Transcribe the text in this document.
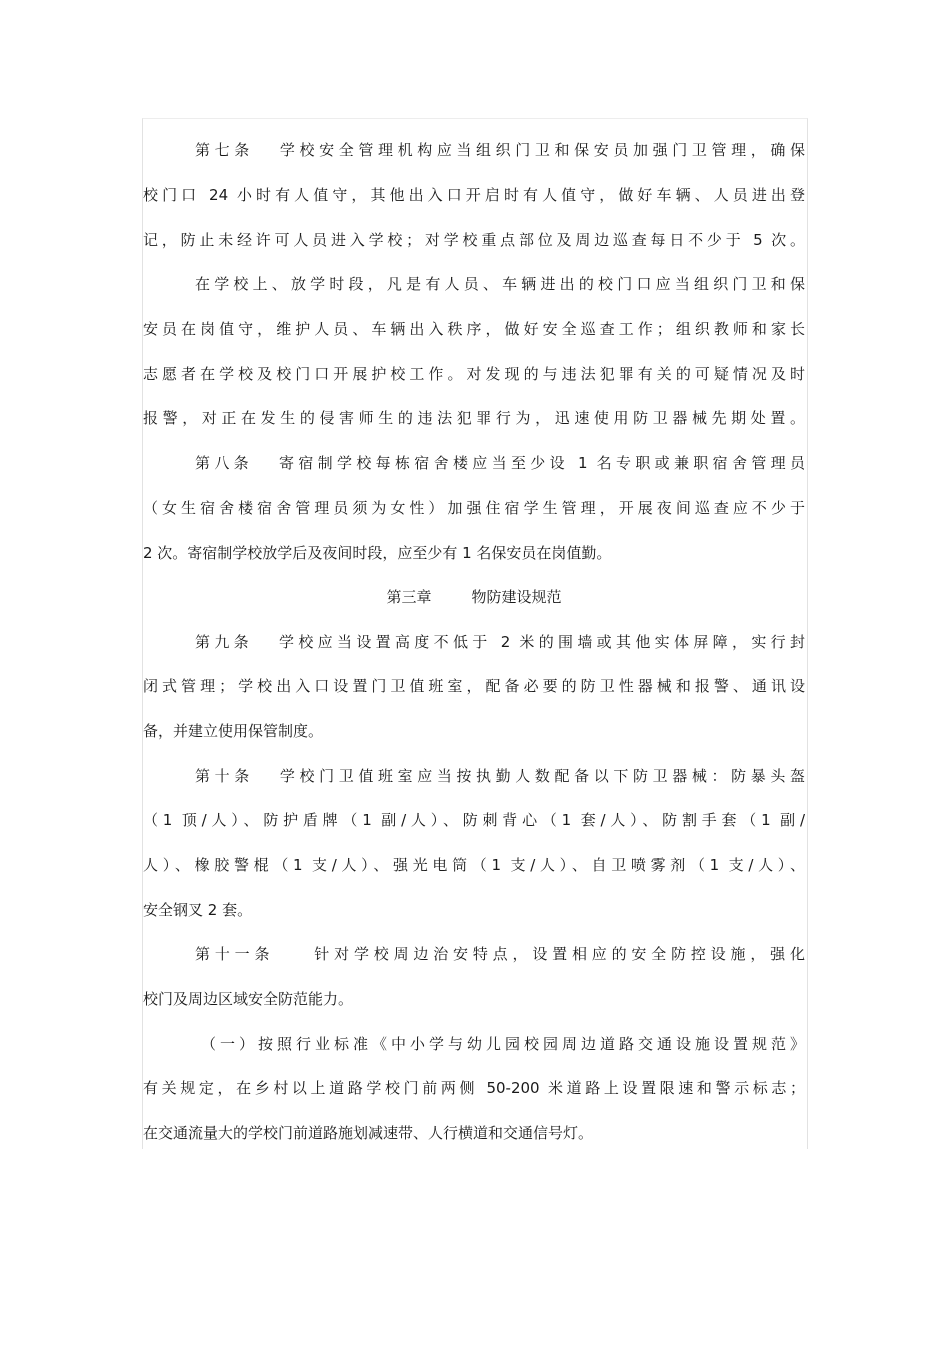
第七条 学校安全管理机构应当组织门卫和保安员加强门卫管理，确保
校门口 24 小时有人值守，其他出入口开启时有人值守，做好车辆、人员进出登
记，防止未经许可人员进入学校；对学校重点部位及周边巡查每日不少于 5 次。
在学校上、放学时段，凡是有人员、车辆进出的校门口应当组织门卫和保
安员在岗值守，维护人员、车辆出入秩序，做好安全巡查工作；组织教师和家长
志愿者在学校及校门口开展护校工作。对发现的与违法犯罪有关的可疑情况及时
报警，对正在发生的侵害师生的违法犯罪行为，迅速使用防卫器械先期处置。
第八条 寄宿制学校每栋宿舍楼应当至少设 1 名专职或兼职宿舍管理员
（女生宿舍楼宿舍管理员须为女性）加强住宿学生管理，开展夜间巡查应不少于
2 次。寄宿制学校放学后及夜间时段，应至少有 1 名保安员在岗值勤。
第三章	物防建设规范
第九条 学校应当设置高度不低于 2 米的围墙或其他实体屏障，实行封
闭式管理；学校出入口设置门卫值班室，配备必要的防卫性器械和报警、通讯设
备，并建立使用保管制度。
第十条 学校门卫值班室应当按执勤人数配备以下防卫器械：防暴头盔
（1 顶/人）、防护盾牌（1 副/人）、防刺背心（1 套/人）、防割手套（1 副/
人）、橡胶警棍（1 支/人）、强光电筒（1 支/人）、自卫喷雾剂（1 支/人）、
安全钢叉 2 套。
第十一条	针对学校周边治安特点，设置相应的安全防控设施，强化
校门及周边区域安全防范能力。
（一）按照行业标准《中小学与幼儿园校园周边道路交通设施设置规范》
有关规定，在乡村以上道路学校门前两侧 50-200 米道路上设置限速和警示标志；
在交通流量大的学校门前道路施划减速带、人行横道和交通信号灯。
